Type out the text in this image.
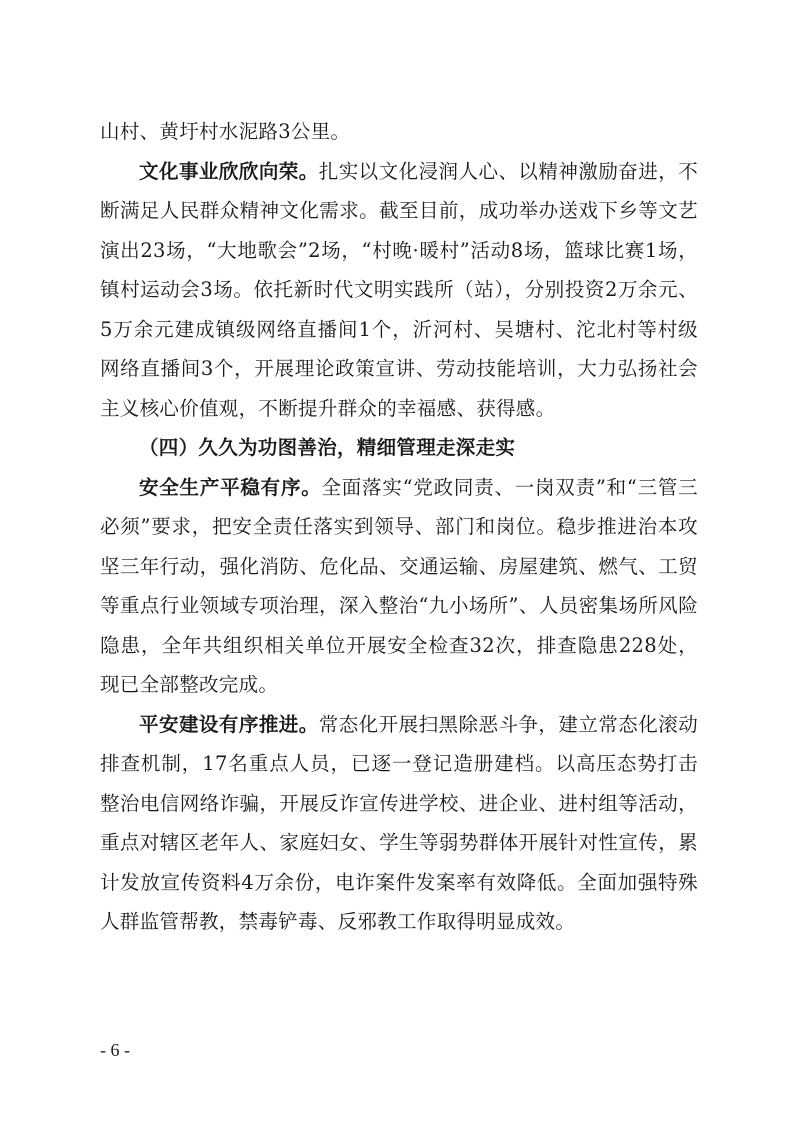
山村、黄圩村水泥路3公里。

文化事业欣欣向荣。扎实以文化浸润人心、以精神激励奋进，不断满足人民群众精神文化需求。截至目前，成功举办送戏下乡等文艺演出23场，“大地歌会”2场，“村晚·暖村”活动8场，篮球比赛1场，镇村运动会3场。依托新时代文明实践所（站），分别投资2万余元、5万余元建成镇级网络直播间1个，沂河村、吴塘村、沱北村等村级网络直播间3个，开展理论政策宣讲、劳动技能培训，大力弘扬社会主义核心价值观，不断提升群众的幸福感、获得感。

（四）久久为功图善治，精细管理走深走实

安全生产平稳有序。全面落实“党政同责、一岗双责”和“三管三必须”要求，把安全责任落实到领导、部门和岗位。稳步推进治本攻坚三年行动，强化消防、危化品、交通运输、房屋建筑、燃气、工贸等重点行业领域专项治理，深入整治“九小场所”、人员密集场所风险隐患，全年共组织相关单位开展安全检查32次，排查隐患228处，现已全部整改完成。

平安建设有序推进。常态化开展扫黑除恶斗争，建立常态化滚动排查机制，17名重点人员，已逐一登记造册建档。以高压态势打击整治电信网络诈骗，开展反诈宣传进学校、进企业、进村组等活动，重点对辖区老年人、家庭妇女、学生等弱势群体开展针对性宣传，累计发放宣传资料4万余份，电诈案件发案率有效降低。全面加强特殊人群监管帮教，禁毒铲毒、反邪教工作取得明显成效。

- 6 -
